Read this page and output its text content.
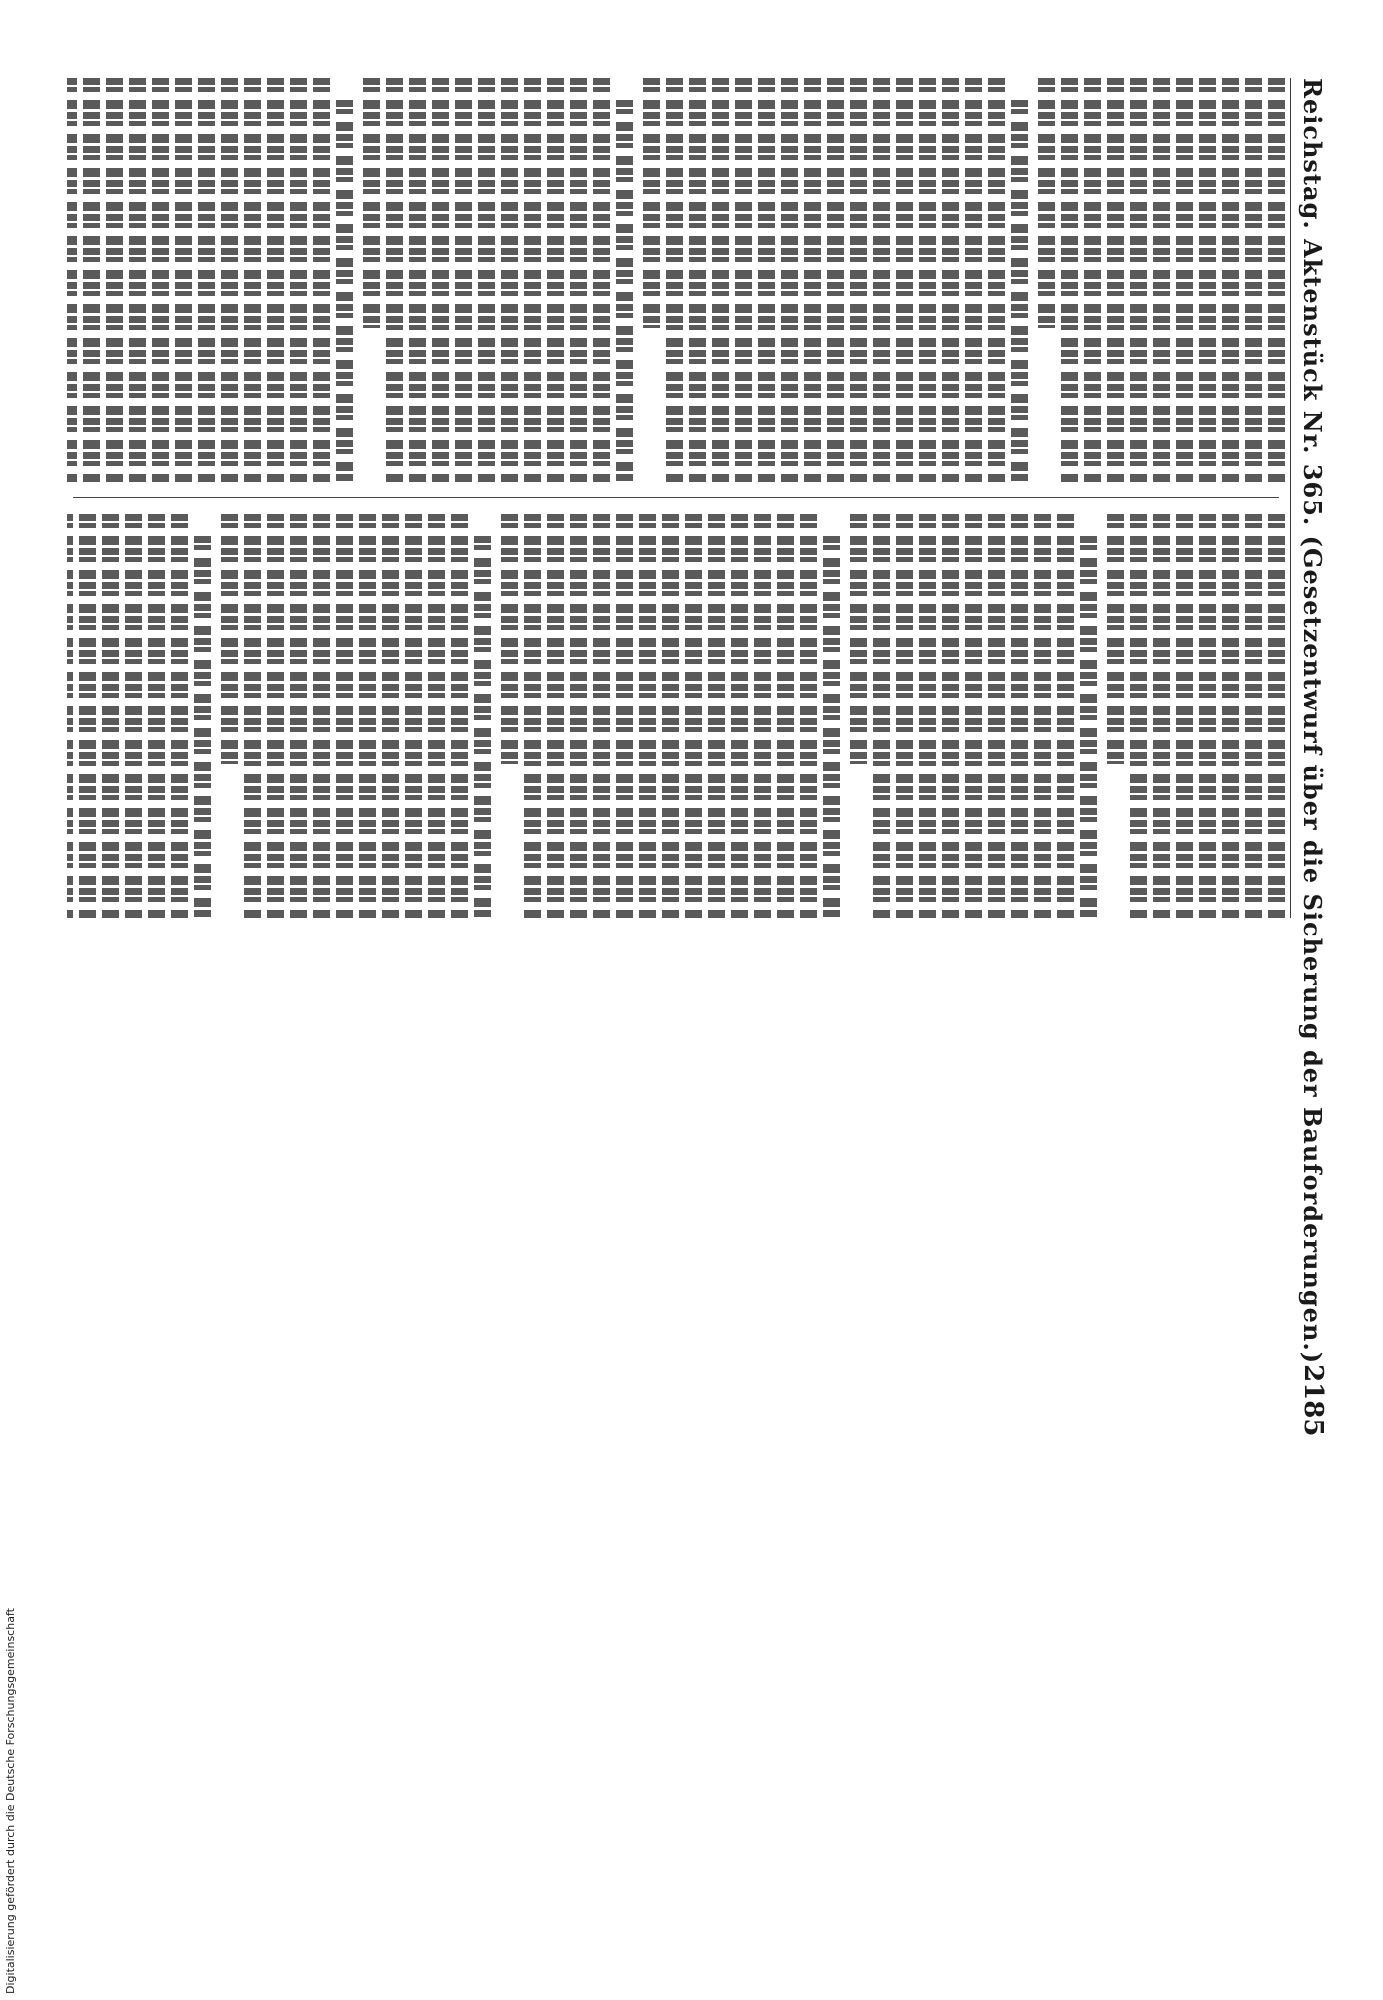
Digitalisierung gefördert durch die Deutsche Forschungsgemeinschaft
Reichstag. Aktenstück Nr. 365. (Gesetzentwurf über die Sicherung der Bauforderungen.)
2185
